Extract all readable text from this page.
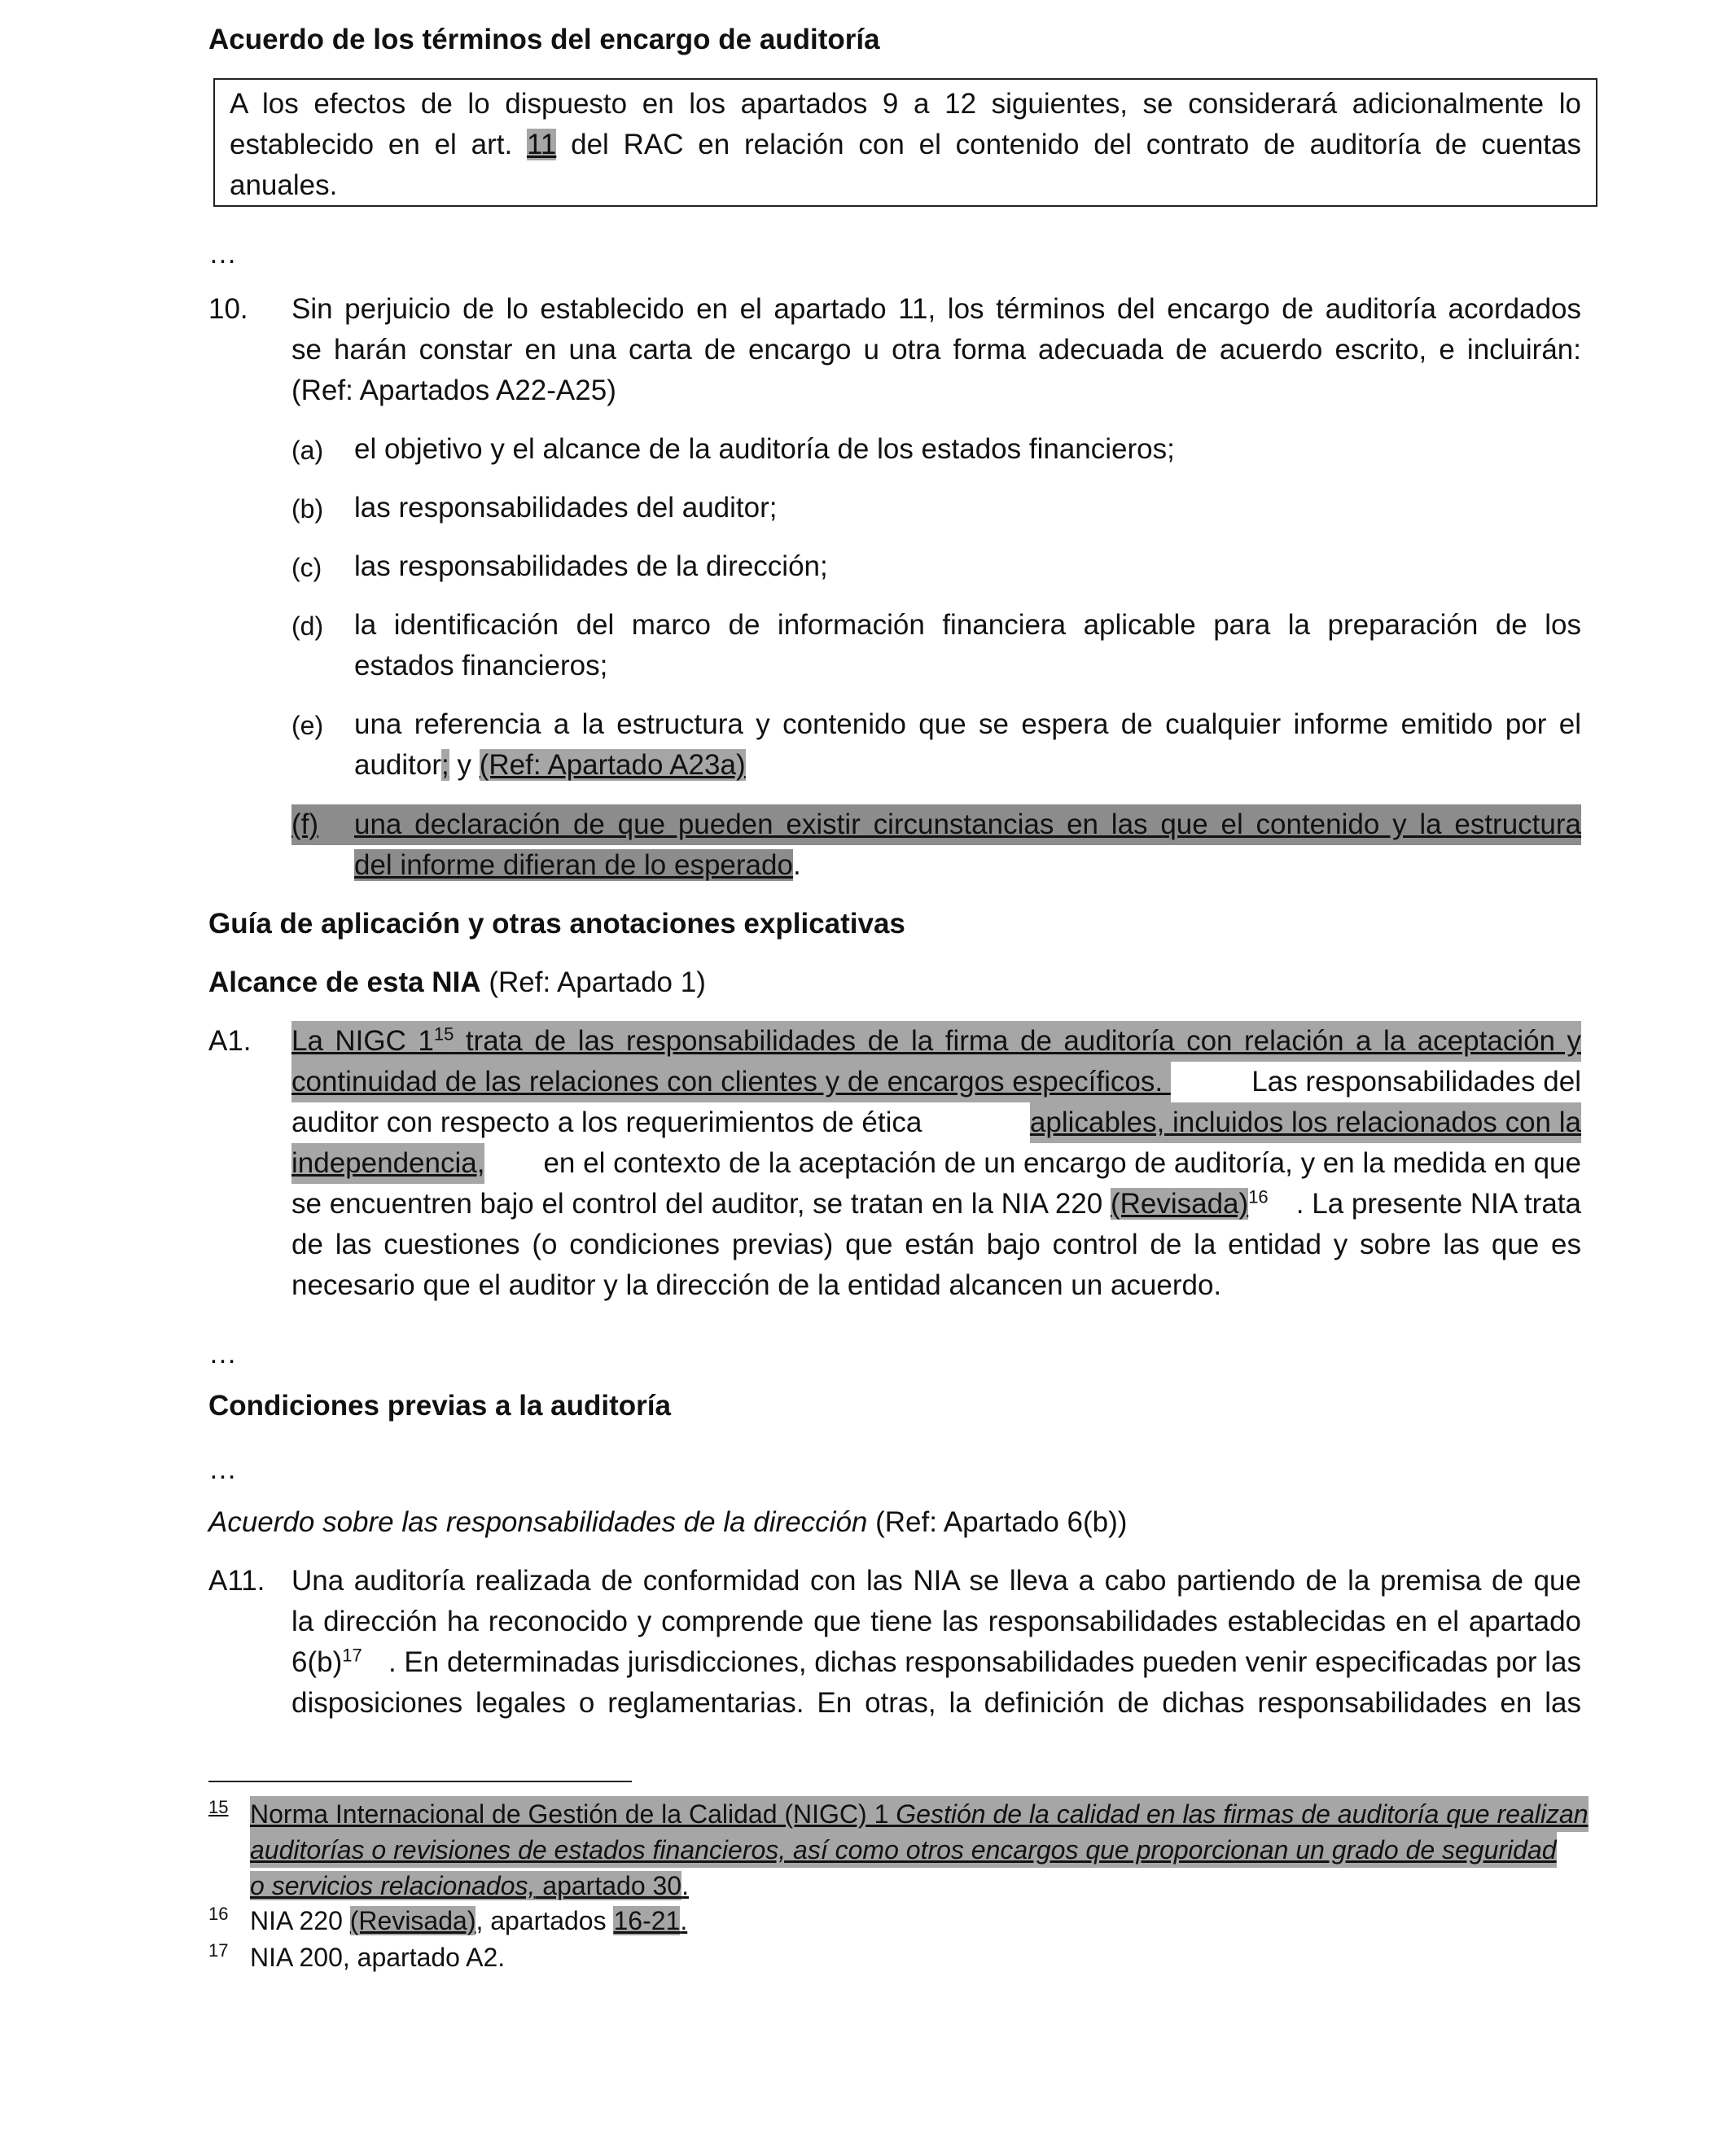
Acuerdo de los términos del encargo de auditoría
A los efectos de lo dispuesto en los apartados 9 a 12 siguientes, se considerará adicionalmente lo
establecido en el art. 11 del RAC en relación con el contenido del contrato de auditoría de cuentas
anuales.
…
10. Sin perjuicio de lo establecido en el apartado 11, los términos del encargo de auditoría acordados
se harán constar en una carta de encargo u otra forma adecuada de acuerdo escrito, e incluirán:
(Ref: Apartados A22-A25)
(a) el objetivo y el alcance de la auditoría de los estados financieros;
(b) las responsabilidades del auditor;
(c) las responsabilidades de la dirección;
(d) la identificación del marco de información financiera aplicable para la preparación de los
estados financieros;
(e) una referencia a la estructura y contenido que se espera de cualquier informe emitido por el
auditor; y (Ref: Apartado A23a)
(f)	una declaración de que pueden existir circunstancias en las que el contenido y la estructura
del informe difieran de lo esperado.
Guía de aplicación y otras anotaciones explicativas
Alcance de esta NIA (Ref: Apartado 1)
A1. La NIGC $1^{15}$ trata de las responsabilidades de la firma de auditoría con relación a la aceptación y
continuidad de las relaciones con clientes y de encargos específicos.	Las responsabilidades del
auditor con respecto a los requerimientos de ética	aplicables, incluidos los relacionados con la
independencia, en el contexto de la aceptación de un encargo de auditoría, y en la medida en que
se encuentren bajo el control del auditor, se tratan en la NIA 220 (Revisada)$^{16}$ . La presente NIA trata
de las cuestiones (o condiciones previas) que están bajo control de la entidad y sobre las que es
necesario que el auditor y la dirección de la entidad alcancen un acuerdo.
…
Condiciones previas a la auditoría
…
Acuerdo sobre las responsabilidades de la dirección (Ref: Apartado 6(b))
A11. Una auditoría realizada de conformidad con las NIA se lleva a cabo partiendo de la premisa de que
la dirección ha reconocido y comprende que tiene las responsabilidades establecidas en el apartado
$6(b)^{17}$ . En determinadas jurisdicciones, dichas responsabilidades pueden venir especificadas por las
disposiciones legales o reglamentarias. En otras, la definición de dichas responsabilidades en las
15 Norma Internacional de Gestión de la Calidad (NIGC) 1 Gestión de la calidad en las firmas de auditoría que realizan
auditorías o revisiones de estados financieros, así como otros encargos que proporcionan un grado de seguridad
o servicios relacionados, apartado 30.
16 NIA 220 (Revisada), apartados 16-21.
17 NIA 200, apartado A2.
